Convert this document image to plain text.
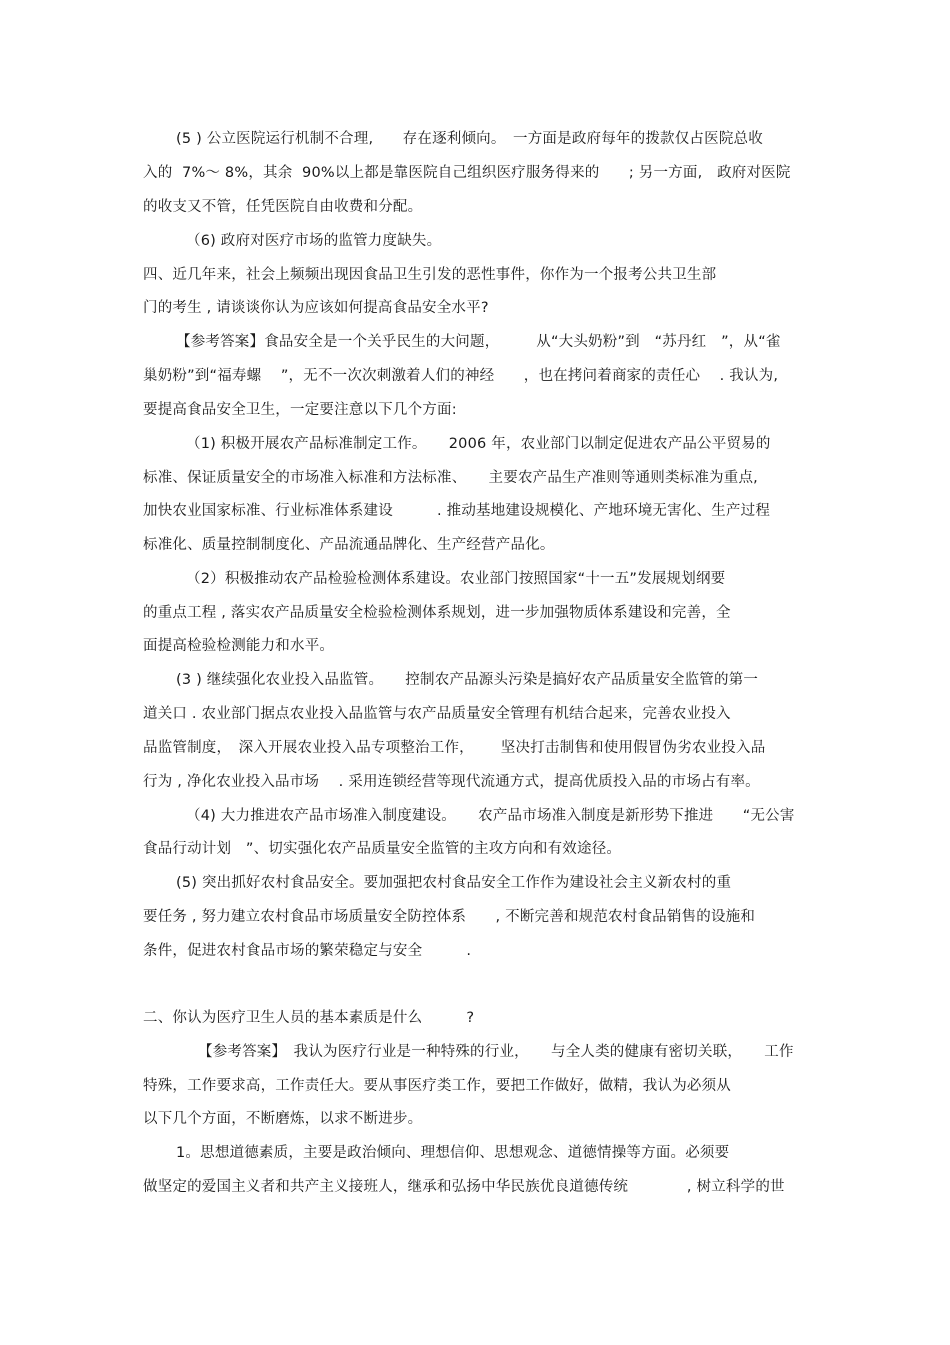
(5 ) 公立医院运行机制不合理,　　存在逐利倾向。　一方面是政府每年的拨款仅占医院总收
入的  7%～ 8%，其余  90%以上都是靠医院自己组织医疗服务得来的　　; 另一方面,　政府对医院
的收支又不管，任凭医院自由收费和分配。
（6) 政府对医疗市场的监管力度缺失。
四、近几年来，社会上频频出现因食品卫生引发的恶性事件，你作为一个报考公共卫生部
门的考生 , 请谈谈你认为应该如何提高食品安全水平?
【参考答案】食品安全是一个关乎民生的大问题，　　　从“大头奶粉”到　“苏丹红　”，从“雀
巢奶粉”到“福寿螺　 ”，无不一次次刺激着人们的神经　　，也在拷问着商家的责任心　 . 我认为,
要提高食品安全卫生，一定要注意以下几个方面:
（1) 积极开展农产品标准制定工作。　　2006 年，农业部门以制定促进农产品公平贸易的
标准、保证质量安全的市场准入标准和方法标准、　　主要农产品生产准则等通则类标准为重点,
加快农业国家标准、行业标准体系建设　　　. 推动基地建设规模化、产地环境无害化、生产过程
标准化、质量控制制度化、产品流通品牌化、生产经营产品化。
（2）积极推动农产品检验检测体系建设。农业部门按照国家“十一五”发展规划纲要
的重点工程 , 落实农产品质量安全检验检测体系规划，进一步加强物质体系建设和完善，全
面提高检验检测能力和水平。
(3 ) 继续强化农业投入品监管。　　控制农产品源头污染是搞好农产品质量安全监管的第一
道关口 . 农业部门据点农业投入品监管与农产品质量安全管理有机结合起来，完善农业投入
品监管制度，　深入开展农业投入品专项整治工作，　　 坚决打击制售和使用假冒伪劣农业投入品
行为 , 净化农业投入品市场　 . 采用连锁经营等现代流通方式，提高优质投入品的市场占有率。
（4) 大力推进农产品市场准入制度建设。　　农产品市场准入制度是新形势下推进　　“无公害
食品行动计划　”、切实强化农产品质量安全监管的主攻方向和有效途径。
(5) 突出抓好农村食品安全。要加强把农村食品安全工作作为建设社会主义新农村的重
要任务 , 努力建立农村食品市场质量安全防控体系　　, 不断完善和规范农村食品销售的设施和
条件，促进农村食品市场的繁荣稳定与安全　　　.
二、你认为医疗卫生人员的基本素质是什么　　　?
【参考答案】　我认为医疗行业是一种特殊的行业，　　与全人类的健康有密切关联，　　工作
特殊，工作要求高，工作责任大。要从事医疗类工作，要把工作做好，做精，我认为必须从
以下几个方面，不断磨炼，以求不断进步。
1。思想道德素质，主要是政治倾向、理想信仰、思想观念、道德情操等方面。必须要
做坚定的爱国主义者和共产主义接班人，继承和弘扬中华民族优良道德传统　　　　, 树立科学的世
